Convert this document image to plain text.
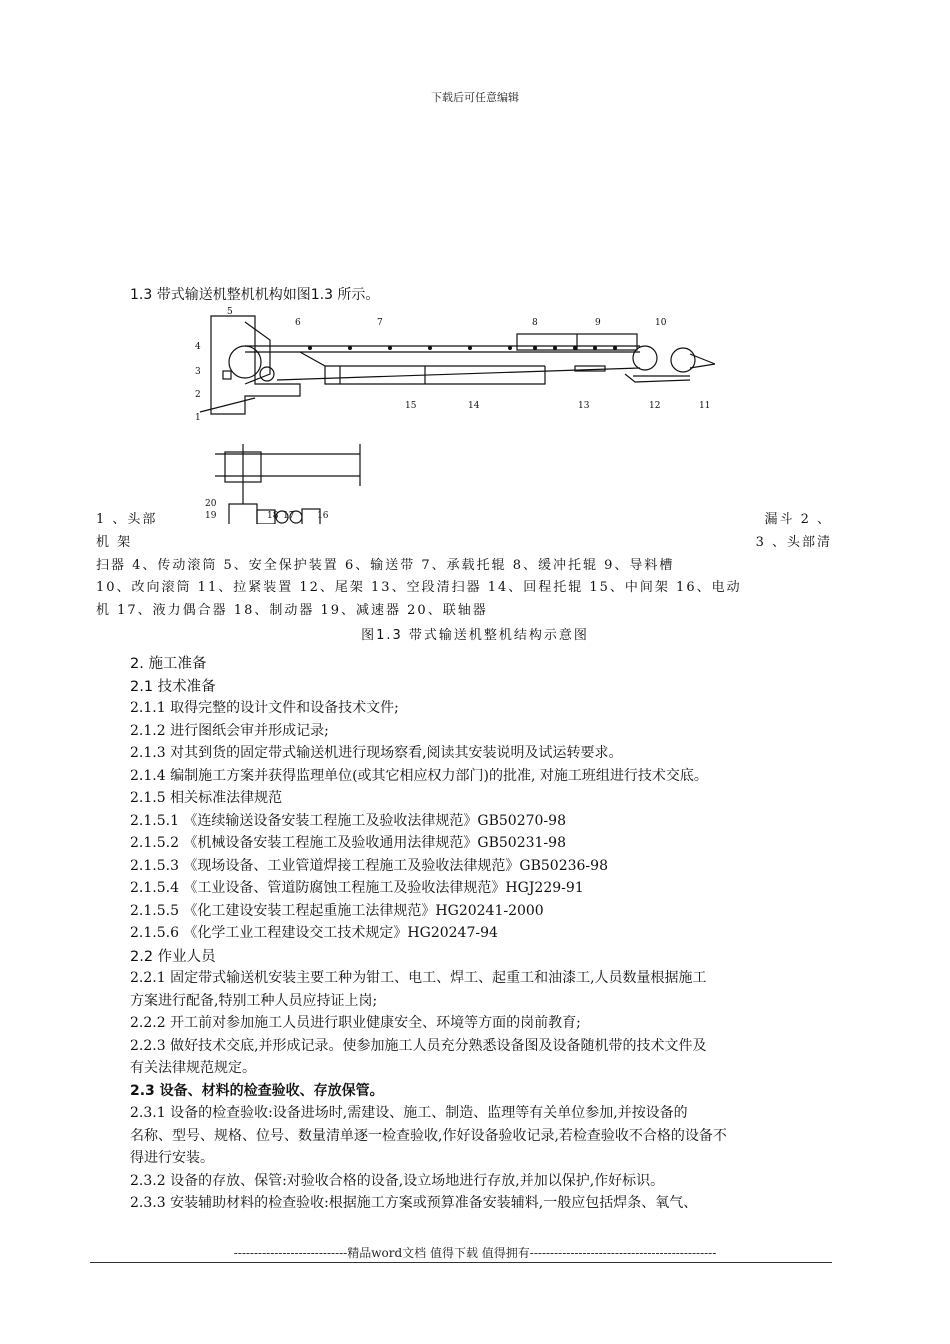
下载后可任意编辑
1.3 带式输送机整机机构如图1.3 所示。
1
2
3
4
5
6	7	8	9	10
11
12
13
14
15
16
17
18
19
20
1 、头部	漏斗 2 、
机 架	3 、头部清
扫器 4、传动滚筒 5、安全保护装置 6、输送带 7、承载托辊 8、缓冲托辊 9、导料槽
10、改向滚筒 11、拉紧装置 12、尾架 13、空段清扫器 14、回程托辊 15、中间架 16、电动
机 17、液力偶合器 18、制动器 19、减速器 20、联轴器
图1.3 带式输送机整机结构示意图
2. 施工准备
2.1 技术准备
2.1.1 取得完整的设计文件和设备技术文件;
2.1.2 进行图纸会审并形成记录;
2.1.3 对其到货的固定带式输送机进行现场察看,阅读其安装说明及试运转要求。
2.1.4 编制施工方案并获得监理单位(或其它相应权力部门)的批准, 对施工班组进行技术交底。
2.1.5 相关标准法律规范
2.1.5.1 《连续输送设备安装工程施工及验收法律规范》GB50270-98
2.1.5.2 《机械设备安装工程施工及验收通用法律规范》GB50231-98
2.1.5.3 《现场设备、工业管道焊接工程施工及验收法律规范》GB50236-98
2.1.5.4 《工业设备、管道防腐蚀工程施工及验收法律规范》HGJ229-91
2.1.5.5 《化工建设安装工程起重施工法律规范》HG20241-2000
2.1.5.6 《化学工业工程建设交工技术规定》HG20247-94
2.2 作业人员
2.2.1 固定带式输送机安装主要工种为钳工、电工、焊工、起重工和油漆工,人员数量根据施工
方案进行配备,特别工种人员应持证上岗;
2.2.2 开工前对参加施工人员进行职业健康安全、环境等方面的岗前教育;
2.2.3 做好技术交底,并形成记录。使参加施工人员充分熟悉设备图及设备随机带的技术文件及
有关法律规范规定。
2.3 设备、材料的检查验收、存放保管。
2.3.1 设备的检查验收:设备进场时,需建设、施工、制造、监理等有关单位参加,并按设备的
名称、型号、规格、位号、数量清单逐一检查验收,作好设备验收记录,若检查验收不合格的设备不
得进行安装。
2.3.2 设备的存放、保管:对验收合格的设备,设立场地进行存放,并加以保护,作好标识。
2.3.3 安装辅助材料的检查验收:根据施工方案或预算准备安装辅料,一般应包括焊条、氧气、
----------------------------精品word文档 值得下载 值得拥有----------------------------------------------
